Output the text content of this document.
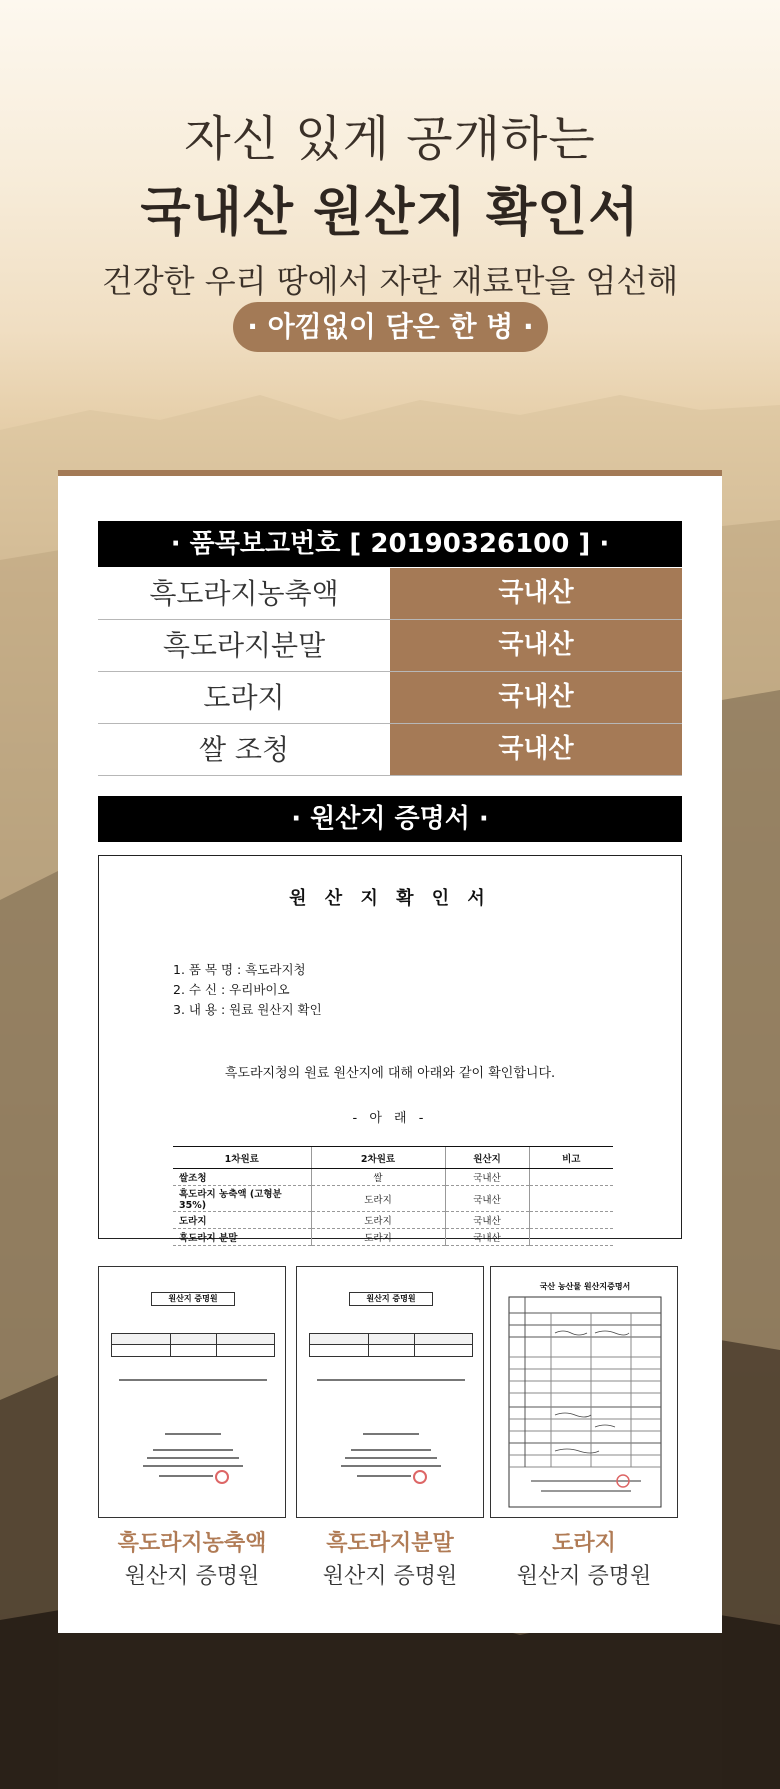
자신 있게 공개하는
국내산 원산지 확인서
건강한 우리 땅에서 자란 재료만을 엄선해
· 아낌없이 담은 한 병 ·
· 품목보고번호 [ 20190326100 ] ·
흑도라지농축액	국내산
흑도라지분말	국내산
도라지	국내산
쌀 조청	국내산
· 원산지 증명서 ·
원 산 지 확 인 서
1. 품 목 명 : 흑도라지청
2. 수 신 : 우리바이오
3. 내 용 : 원료 원산지 확인
흑도라지청의 원료 원산지에 대해 아래와 같이 확인합니다.
- 아 래 -
1차원료	2차원료	원산지	비고
쌀조청	쌀	국내산	
흑도라지 농축액 (고형분 35%)	도라지	국내산	
도라지	도라지	국내산	
흑도라지 분말	도라지	국내산	
원산지 증명원
흑도라지농축액
원산지 증명원
원산지 증명원
흑도라지분말
원산지 증명원
국산 농산물 원산지증명서
도라지
원산지 증명원
